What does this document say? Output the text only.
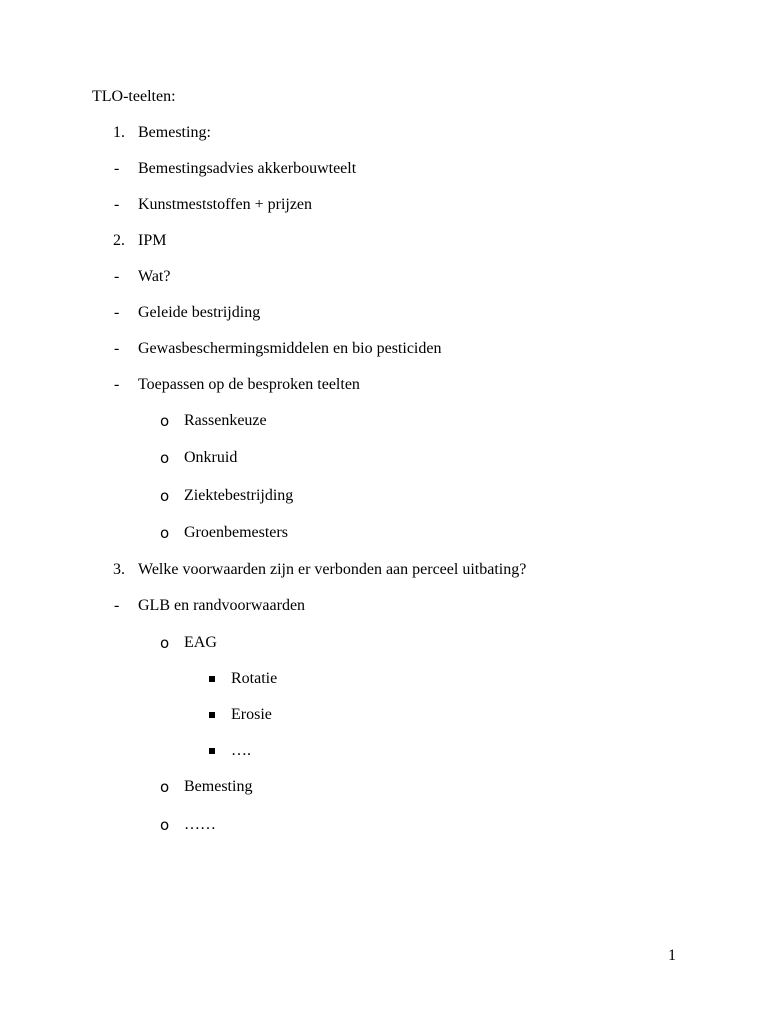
TLO-teelten:
1. Bemesting:
- Bemestingsadvies akkerbouwteelt
- Kunstmeststoffen + prijzen
2. IPM
- Wat?
- Geleide bestrijding
- Gewasbeschermingsmiddelen en bio pesticiden
- Toepassen op de besproken teelten
o Rassenkeuze
o Onkruid
o Ziektebestrijding
o Groenbemesters
3. Welke voorwaarden zijn er verbonden aan perceel uitbating?
- GLB en randvoorwaarden
o EAG
Rotatie
Erosie
….
o Bemesting
o ……
1
